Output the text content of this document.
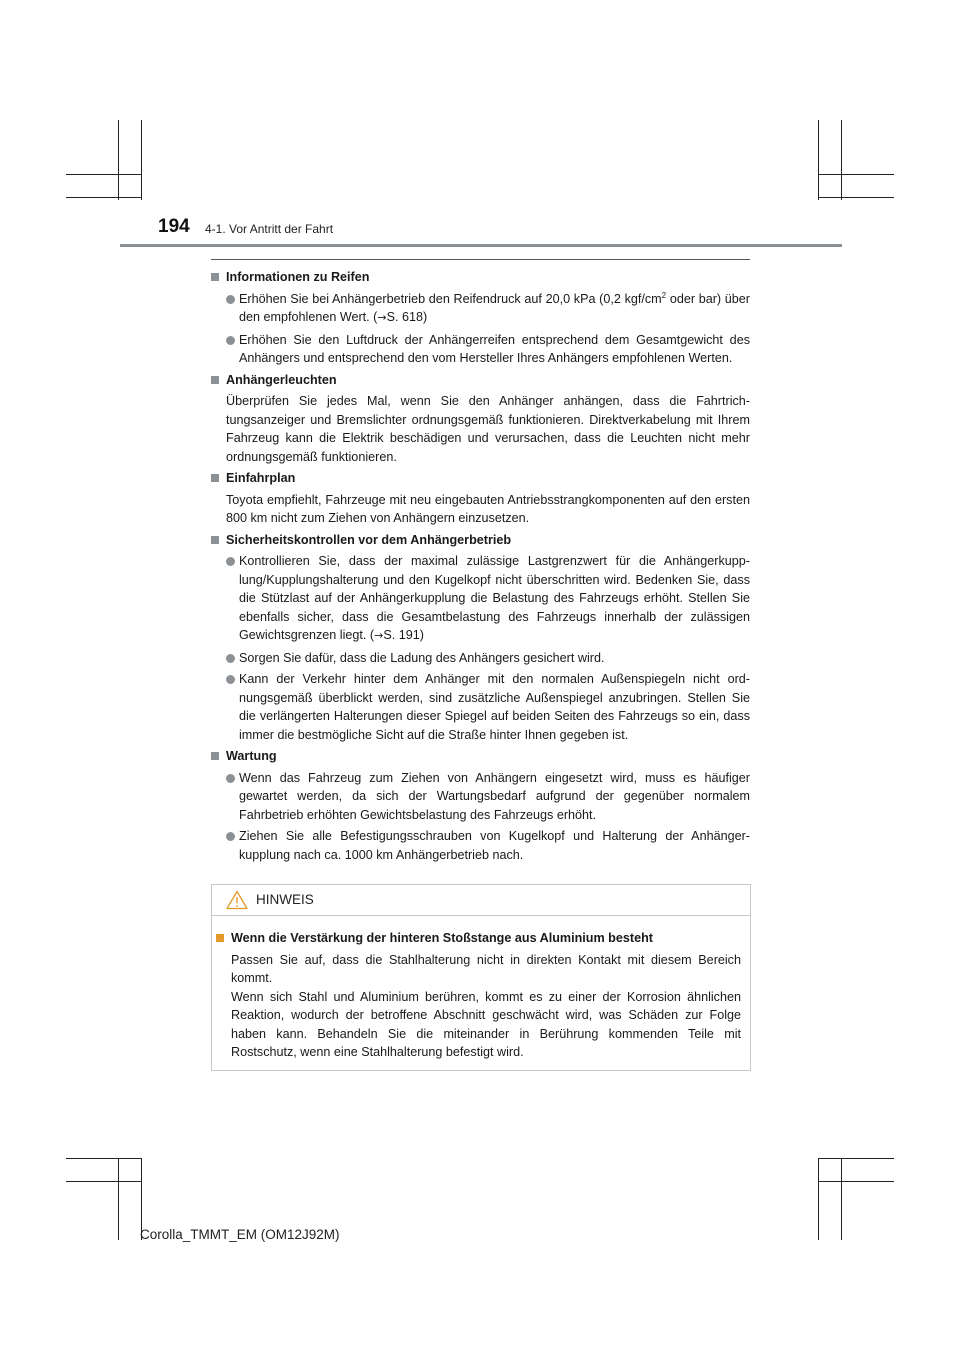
194 4-1. Vor Antritt der Fahrt
Informationen zu Reifen
Erhöhen Sie bei Anhängerbetrieb den Reifendruck auf 20,0 kPa (0,2 kgf/$cm^2$ oder bar) über den empfohlenen Wert. (→S. 618)
Erhöhen Sie den Luftdruck der Anhängerreifen entsprechend dem Gesamtgewicht des Anhängers und entsprechend den vom Hersteller Ihres Anhängers empfohlenen Werten.
Anhängerleuchten
Überprüfen Sie jedes Mal, wenn Sie den Anhänger anhängen, dass die Fahrtrichtungsanzeiger und Bremslichter ordnungsgemäß funktionieren. Direktverkabelung mit Ihrem Fahrzeug kann die Elektrik beschädigen und verursachen, dass die Leuchten nicht mehr ordnungsgemäß funktionieren.
Einfahrplan
Toyota empfiehlt, Fahrzeuge mit neu eingebauten Antriebsstrangkomponenten auf den ersten 800 km nicht zum Ziehen von Anhängern einzusetzen.
Sicherheitskontrollen vor dem Anhängerbetrieb
Kontrollieren Sie, dass der maximal zulässige Lastgrenzwert für die Anhängerkupplung/Kupplungshalterung und den Kugelkopf nicht überschritten wird. Bedenken Sie, dass die Stützlast auf der Anhängerkupplung die Belastung des Fahrzeugs erhöht. Stellen Sie ebenfalls sicher, dass die Gesamtbelastung des Fahrzeugs innerhalb der zulässigen Gewichtsgrenzen liegt. (→S. 191)
Sorgen Sie dafür, dass die Ladung des Anhängers gesichert wird.
Kann der Verkehr hinter dem Anhänger mit den normalen Außenspiegeln nicht ordnungsgemäß überblickt werden, sind zusätzliche Außenspiegel anzubringen. Stellen Sie die verlängerten Halterungen dieser Spiegel auf beiden Seiten des Fahrzeugs so ein, dass immer die bestmögliche Sicht auf die Straße hinter Ihnen gegeben ist.
Wartung
Wenn das Fahrzeug zum Ziehen von Anhängern eingesetzt wird, muss es häufiger gewartet werden, da sich der Wartungsbedarf aufgrund der gegenüber normalem Fahrbetrieb erhöhten Gewichtsbelastung des Fahrzeugs erhöht.
Ziehen Sie alle Befestigungsschrauben von Kugelkopf und Halterung der Anhängerkupplung nach ca. 1000 km Anhängerbetrieb nach.
HINWEIS
Wenn die Verstärkung der hinteren Stoßstange aus Aluminium besteht
Passen Sie auf, dass die Stahlhalterung nicht in direkten Kontakt mit diesem Bereich kommt.
Wenn sich Stahl und Aluminium berühren, kommt es zu einer der Korrosion ähnlichen Reaktion, wodurch der betroffene Abschnitt geschwächt wird, was Schäden zur Folge haben kann. Behandeln Sie die miteinander in Berührung kommenden Teile mit Rostschutz, wenn eine Stahlhalterung befestigt wird.
Corolla_TMMT_EM (OM12J92M)
